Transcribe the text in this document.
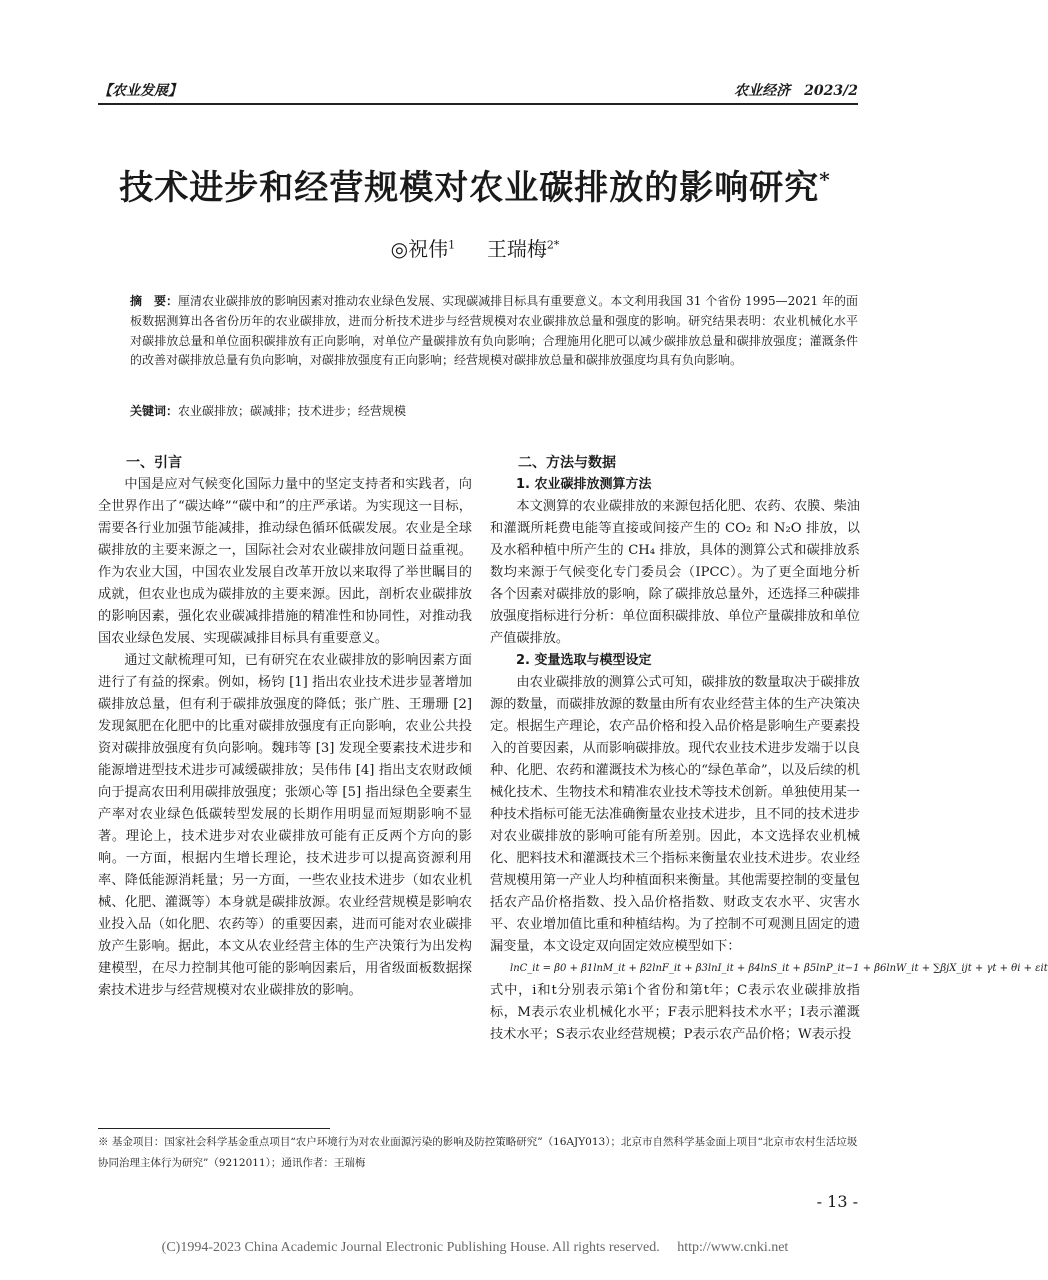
【农业发展】	农业经济　2023/2
技术进步和经营规模对农业碳排放的影响研究*
◎祝伟$^1$ 王瑞梅$^{2*}$
摘　要：厘清农业碳排放的影响因素对推动农业绿色发展、实现碳减排目标具有重要意义。本文利用我国 31 个省份 1995—2021 年的面板数据测算出各省份历年的农业碳排放，进而分析技术进步与经营规模对农业碳排放总量和强度的影响。研究结果表明：农业机械化水平对碳排放总量和单位面积碳排放有正向影响，对单位产量碳排放有负向影响；合理施用化肥可以减少碳排放总量和碳排放强度；灌溉条件的改善对碳排放总量有负向影响，对碳排放强度有正向影响；经营规模对碳排放总量和碳排放强度均具有负向影响。
关键词：农业碳排放；碳减排；技术进步；经营规模
一、引言

中国是应对气候变化国际力量中的坚定支持者和实践者，向全世界作出了“碳达峰”“碳中和”的庄严承诺。为实现这一目标，需要各行业加强节能减排，推动绿色循环低碳发展。农业是全球碳排放的主要来源之一，国际社会对农业碳排放问题日益重视。作为农业大国，中国农业发展自改革开放以来取得了举世瞩目的成就，但农业也成为碳排放的主要来源。因此，剖析农业碳排放的影响因素，强化农业碳减排措施的精准性和协同性，对推动我国农业绿色发展、实现碳减排目标具有重要意义。

通过文献梳理可知，已有研究在农业碳排放的影响因素方面进行了有益的探索。例如，杨钧 [1] 指出农业技术进步显著增加碳排放总量，但有利于碳排放强度的降低；张广胜、王珊珊 [2] 发现氮肥在化肥中的比重对碳排放强度有正向影响，农业公共投资对碳排放强度有负向影响。魏玮等 [3] 发现全要素技术进步和能源增进型技术进步可减缓碳排放；吴伟伟 [4] 指出支农财政倾向于提高农田利用碳排放强度；张颂心等 [5] 指出绿色全要素生产率对农业绿色低碳转型发展的长期作用明显而短期影响不显著。理论上，技术进步对农业碳排放可能有正反两个方向的影响。一方面，根据内生增长理论，技术进步可以提高资源利用率、降低能源消耗量；另一方面，一些农业技术进步（如农业机械、化肥、灌溉等）本身就是碳排放源。农业经营规模是影响农业投入品（如化肥、农药等）的重要因素，进而可能对农业碳排放产生影响。据此，本文从农业经营主体的生产决策行为出发构建模型，在尽力控制其他可能的影响因素后，用省级面板数据探索技术进步与经营规模对农业碳排放的影响。

二、方法与数据
1. 农业碳排放测算方法

本文测算的农业碳排放的来源包括化肥、农药、农膜、柴油和灌溉所耗费电能等直接或间接产生的 CO₂ 和 N₂O 排放，以及水稻种植中所产生的 CH₄ 排放，具体的测算公式和碳排放系数均来源于气候变化专门委员会（IPCC）。为了更全面地分析各个因素对碳排放的影响，除了碳排放总量外，还选择三种碳排放强度指标进行分析：单位面积碳排放、单位产量碳排放和单位产值碳排放。

2. 变量选取与模型设定

由农业碳排放的测算公式可知，碳排放的数量取决于碳排放源的数量，而碳排放源的数量由所有农业经营主体的生产决策决定。根据生产理论，农产品价格和投入品价格是影响生产要素投入的首要因素，从而影响碳排放。现代农业技术进步发端于以良种、化肥、农药和灌溉技术为核心的“绿色革命”，以及后续的机械化技术、生物技术和精准农业技术等技术创新。单独使用某一种技术指标可能无法准确衡量农业技术进步，且不同的技术进步对农业碳排放的影响可能有所差别。因此，本文选择农业机械化、肥料技术和灌溉技术三个指标来衡量农业技术进步。农业经营规模用第一产业人均种植面积来衡量。其他需要控制的变量包括农产品价格指数、投入品价格指数、财政支农水平、灾害水平、农业增加值比重和种植结构。为了控制不可观测且固定的遗漏变量，本文设定双向固定效应模型如下：

lnC_it = β0 + β1lnM_it + β2lnF_it + β3lnI_it + β4lnS_it + β5lnP_it−1 + β6lnW_it + ∑βjX_ijt + γt + θi + εit

式中，i和t分别表示第i个省份和第t年；C表示农业碳排放指标，M表示农业机械化水平；F表示肥料技术水平；I表示灌溉技术水平；S表示农业经营规模；P表示农产品价格；W表示投

※ 基金项目：国家社会科学基金重点项目“农户环境行为对农业面源污染的影响及防控策略研究”（16AJY013）；北京市自然科学基金面上项目“北京市农村生活垃圾协同治理主体行为研究”（9212011）；通讯作者：王瑞梅
- 13 -
(C)1994-2023 China Academic Journal Electronic Publishing House. All rights reserved.　 http://www.cnki.net
